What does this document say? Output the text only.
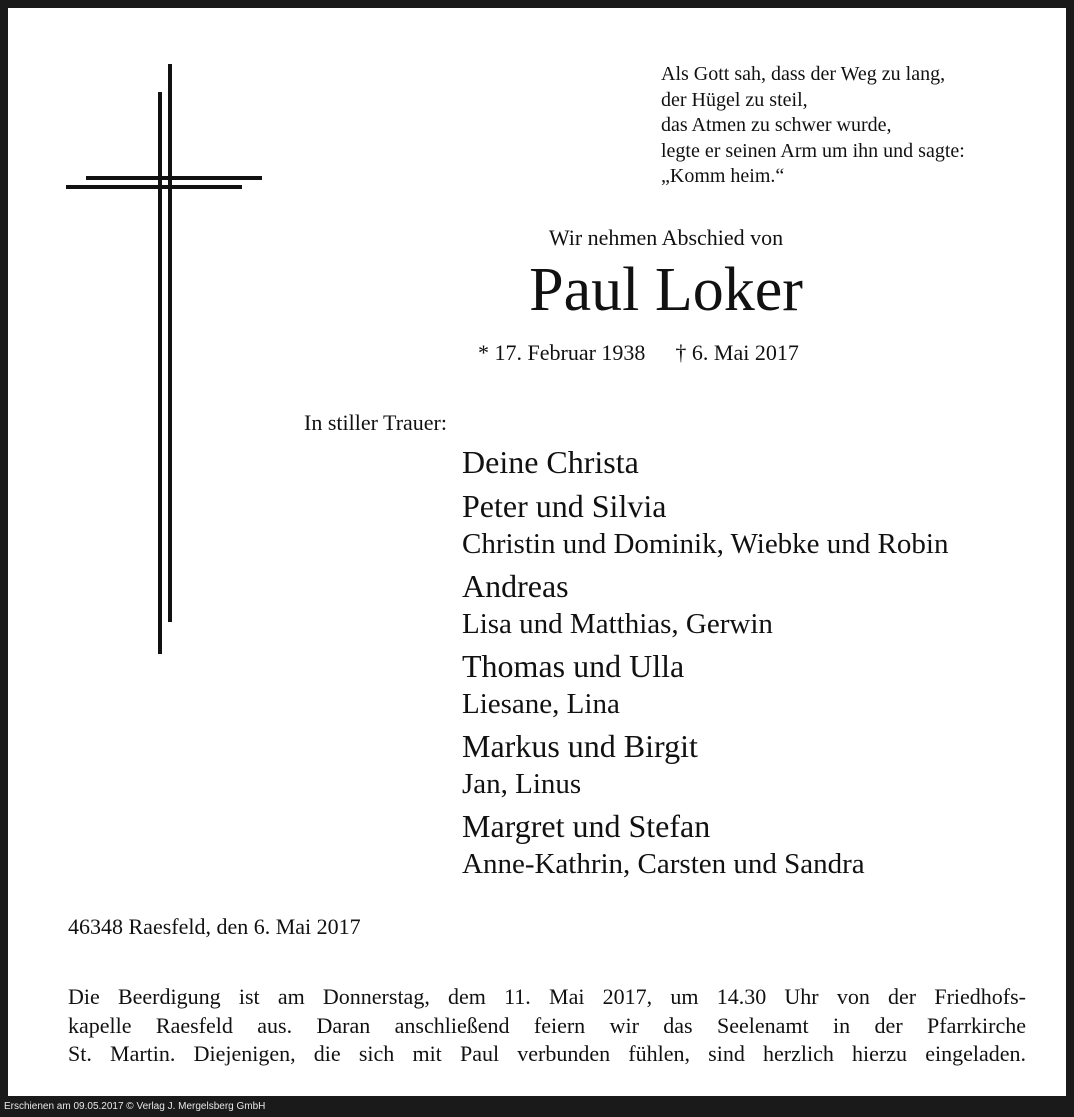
Als Gott sah, dass der Weg zu lang,
der Hügel zu steil,
das Atmen zu schwer wurde,
legte er seinen Arm um ihn und sagte:
„Komm heim.“
Wir nehmen Abschied von
Paul Loker
* 17. Februar 1938 † 6. Mai 2017
In stiller Trauer:
Deine Christa
Peter und Silvia
Christin und Dominik, Wiebke und Robin
Andreas
Lisa und Matthias, Gerwin
Thomas und Ulla
Liesane, Lina
Markus und Birgit
Jan, Linus
Margret und Stefan
Anne-Kathrin, Carsten und Sandra
46348 Raesfeld, den 6. Mai 2017
Die Beerdigung ist am Donnerstag, dem 11. Mai 2017, um 14.30 Uhr von der Friedhofs-
kapelle Raesfeld aus. Daran anschließend feiern wir das Seelenamt in der Pfarrkirche
St. Martin. Diejenigen, die sich mit Paul verbunden fühlen, sind herzlich hierzu eingeladen.
Erschienen am 09.05.2017 © Verlag J. Mergelsberg GmbH
